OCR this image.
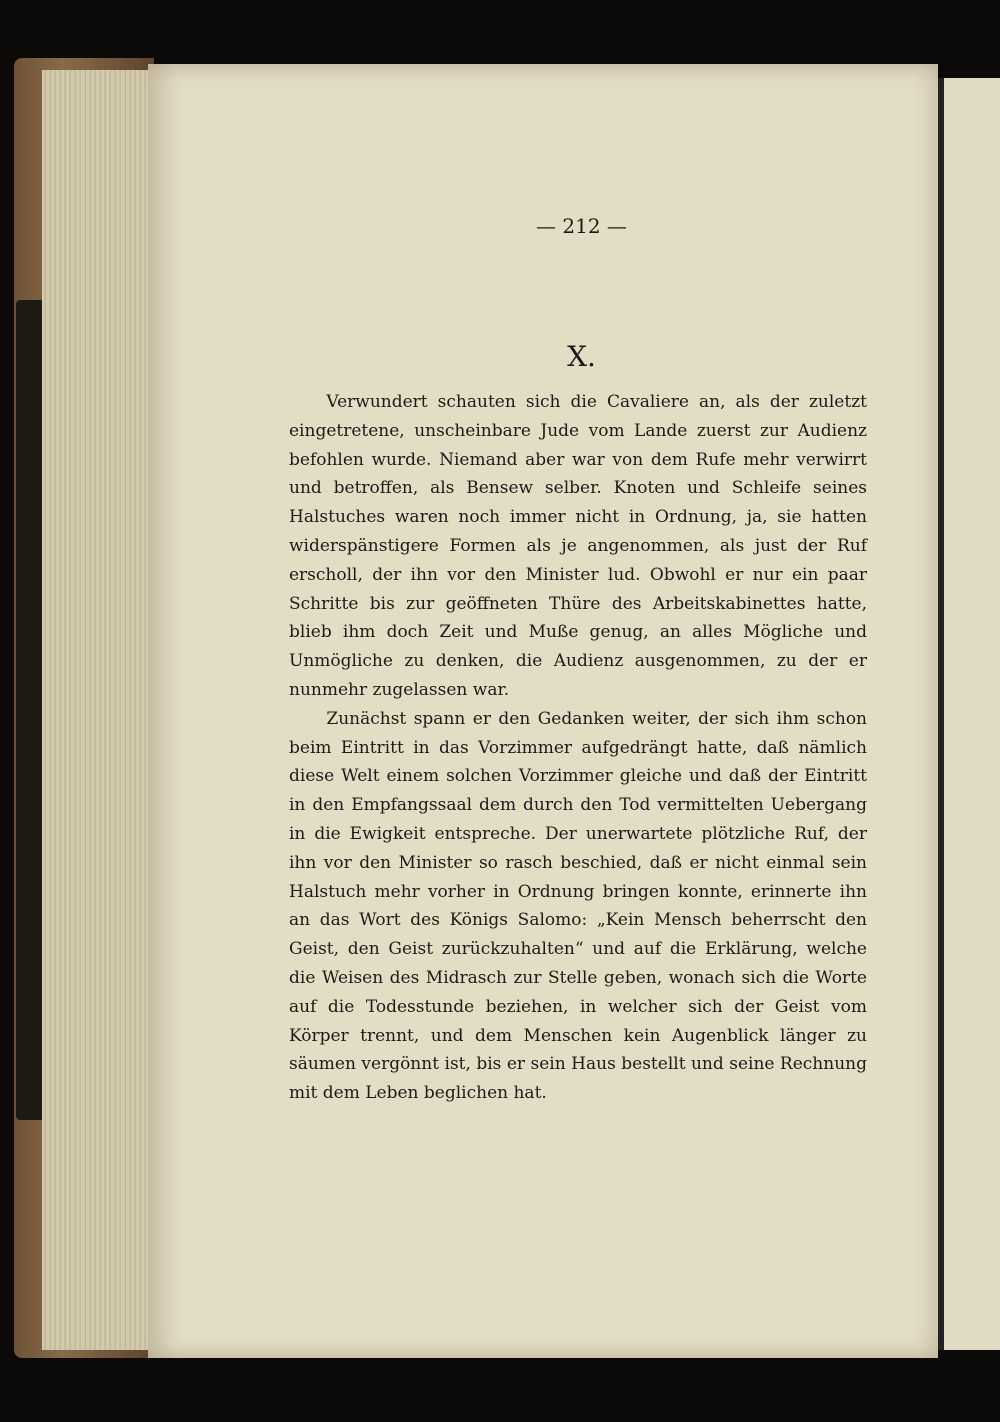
— 212 —
X.

Verwundert schauten sich die Cavaliere an, als der zuletzt eingetretene, unscheinbare Jude vom Lande zuerst zur Audienz befohlen wurde. Niemand aber war von dem Rufe mehr verwirrt und betroffen, als Bensew selber. Knoten und Schleife seines Halstuches waren noch immer nicht in Ordnung, ja, sie hatten widerspänstigere Formen als je angenommen, als just der Ruf erscholl, der ihn vor den Minister lud. Obwohl er nur ein paar Schritte bis zur geöffneten Thüre des Arbeitskabinettes hatte, blieb ihm doch Zeit und Muße genug, an alles Mögliche und Unmögliche zu denken, die Audienz ausgenommen, zu der er nunmehr zugelassen war.

Zunächst spann er den Gedanken weiter, der sich ihm schon beim Eintritt in das Vorzimmer aufgedrängt hatte, daß nämlich diese Welt einem solchen Vorzimmer gleiche und daß der Eintritt in den Empfangssaal dem durch den Tod vermittelten Uebergang in die Ewigkeit entspreche. Der unerwartete plötzliche Ruf, der ihn vor den Minister so rasch beschied, daß er nicht einmal sein Halstuch mehr vorher in Ordnung bringen konnte, erinnerte ihn an das Wort des Königs Salomo: „Kein Mensch beherrscht den Geist, den Geist zurückzuhalten“ und auf die Erklärung, welche die Weisen des Midrasch zur Stelle geben, wonach sich die Worte auf die Todesstunde beziehen, in welcher sich der Geist vom Körper trennt, und dem Menschen kein Augenblick länger zu säumen vergönnt ist, bis er sein Haus bestellt und seine Rechnung mit dem Leben beglichen hat.
